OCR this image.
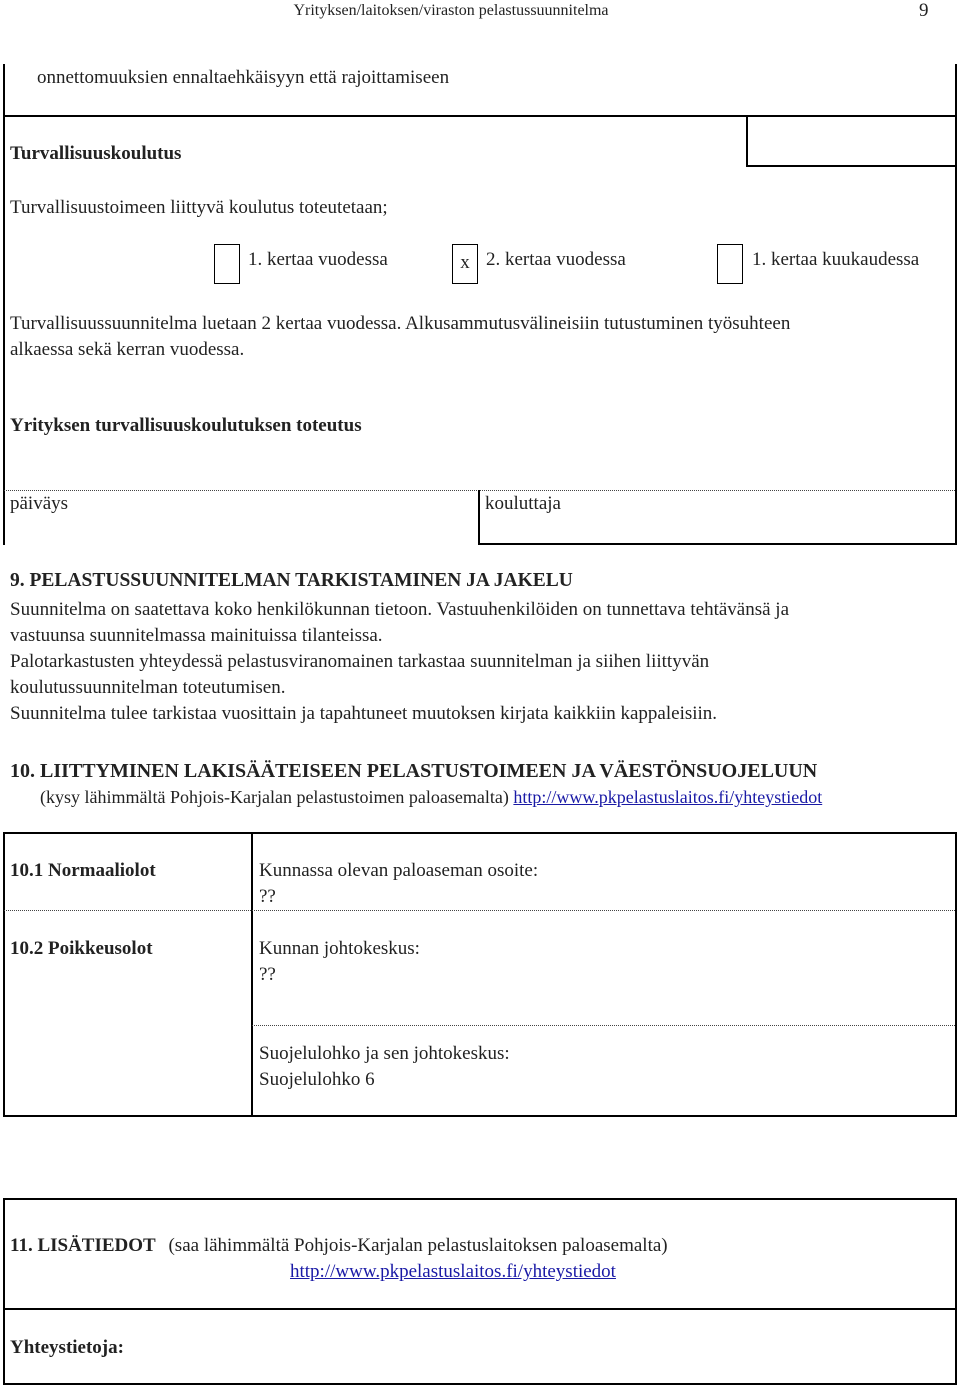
Yrityksen/laitoksen/viraston pelastussuunnitelma	9
onnettomuuksien ennaltaehkäisyyn että rajoittamiseen
Turvallisuuskoulutus
Turvallisuustoimeen liittyvä koulutus toteutetaan;
1. kertaa vuodessa	x 2. kertaa vuodessa	1. kertaa kuukaudessa
Turvallisuussuunnitelma luetaan 2 kertaa vuodessa. Alkusammutusvälineisiin tutustuminen työsuhteen
alkaessa sekä kerran vuodessa.
Yrityksen turvallisuuskoulutuksen toteutus
päiväys	kouluttaja
9. PELASTUSSUUNNITELMAN TARKISTAMINEN JA JAKELU
Suunnitelma on saatettava koko henkilökunnan tietoon. Vastuuhenkilöiden on tunnettava tehtävänsä ja
vastuunsa suunnitelmassa mainituissa tilanteissa.
Palotarkastusten yhteydessä pelastusviranomainen tarkastaa suunnitelman ja siihen liittyvän
koulutussuunnitelman toteutumisen.
Suunnitelma tulee tarkistaa vuosittain ja tapahtuneet muutoksen kirjata kaikkiin kappaleisiin.
10. LIITTYMINEN LAKISÄÄTEISEEN PELASTUSTOIMEEN JA VÄESTÖNSUOJELUUN
(kysy lähimmältä Pohjois-Karjalan pelastustoimen paloasemalta) http://www.pkpelastuslaitos.fi/yhteystiedot
10.1 Normaaliolot	Kunnassa olevan paloaseman osoite:
??
10.2 Poikkeusolot	Kunnan johtokeskus:
??
Suojelulohko ja sen johtokeskus:
Suojelulohko 6
11. LISÄTIEDOT (saa lähimmältä Pohjois-Karjalan pelastuslaitoksen paloasemalta)
http://www.pkpelastuslaitos.fi/yhteystiedot
Yhteystietoja:
